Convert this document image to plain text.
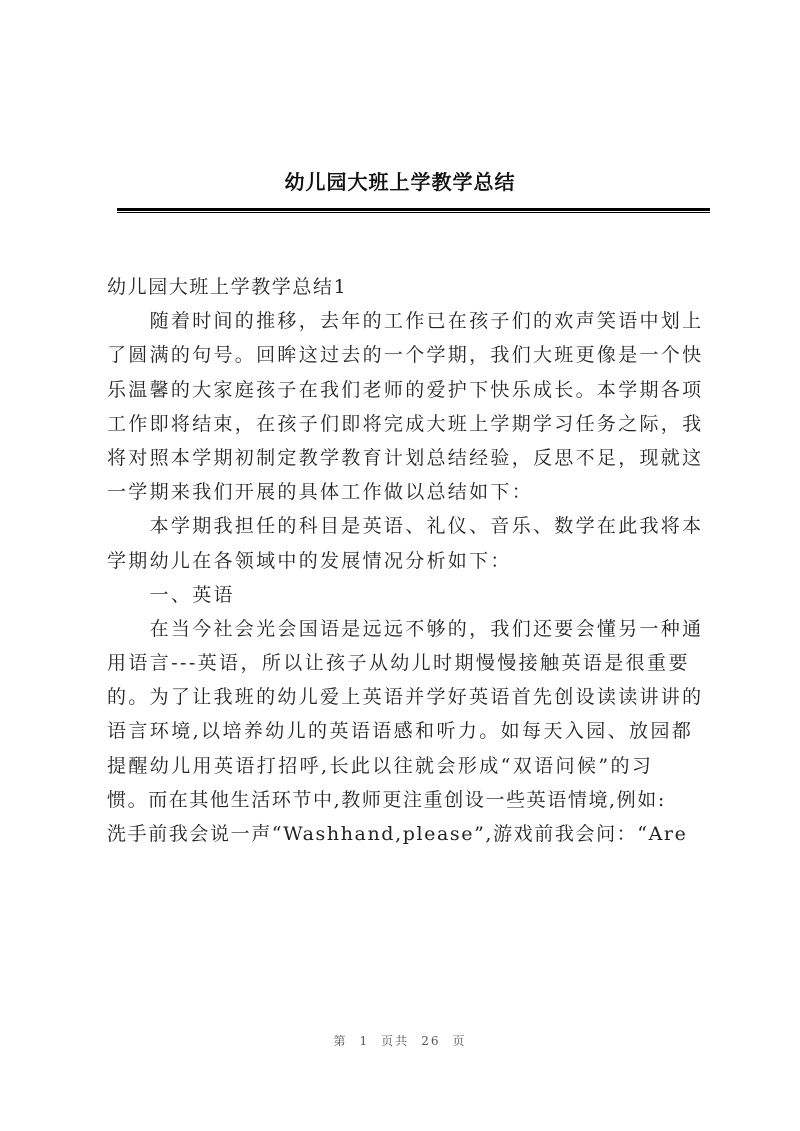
幼儿园大班上学教学总结
幼儿园大班上学教学总结1
　　随着时间的推移，去年的工作已在孩子们的欢声笑语中划上
了圆满的句号。回眸这过去的一个学期，我们大班更像是一个快
乐温馨的大家庭孩子在我们老师的爱护下快乐成长。本学期各项
工作即将结束，在孩子们即将完成大班上学期学习任务之际，我
将对照本学期初制定教学教育计划总结经验，反思不足，现就这
一学期来我们开展的具体工作做以总结如下：
　　本学期我担任的科目是英语、礼仪、音乐、数学在此我将本
学期幼儿在各领域中的发展情况分析如下：
　　一、英语
　　在当今社会光会国语是远远不够的，我们还要会懂另一种通
用语言---英语，所以让孩子从幼儿时期慢慢接触英语是很重要
的。为了让我班的幼儿爱上英语并学好英语首先创设读读讲讲的
语言环境,以培养幼儿的英语语感和听力。如每天入园、放园都
提醒幼儿用英语打招呼,长此以往就会形成“双语问候”的习
惯。而在其他生活环节中,教师更注重创设一些英语情境,例如:
洗手前我会说一声“Washhand,please”,游戏前我会问：“Are
第 1 页共 26 页
